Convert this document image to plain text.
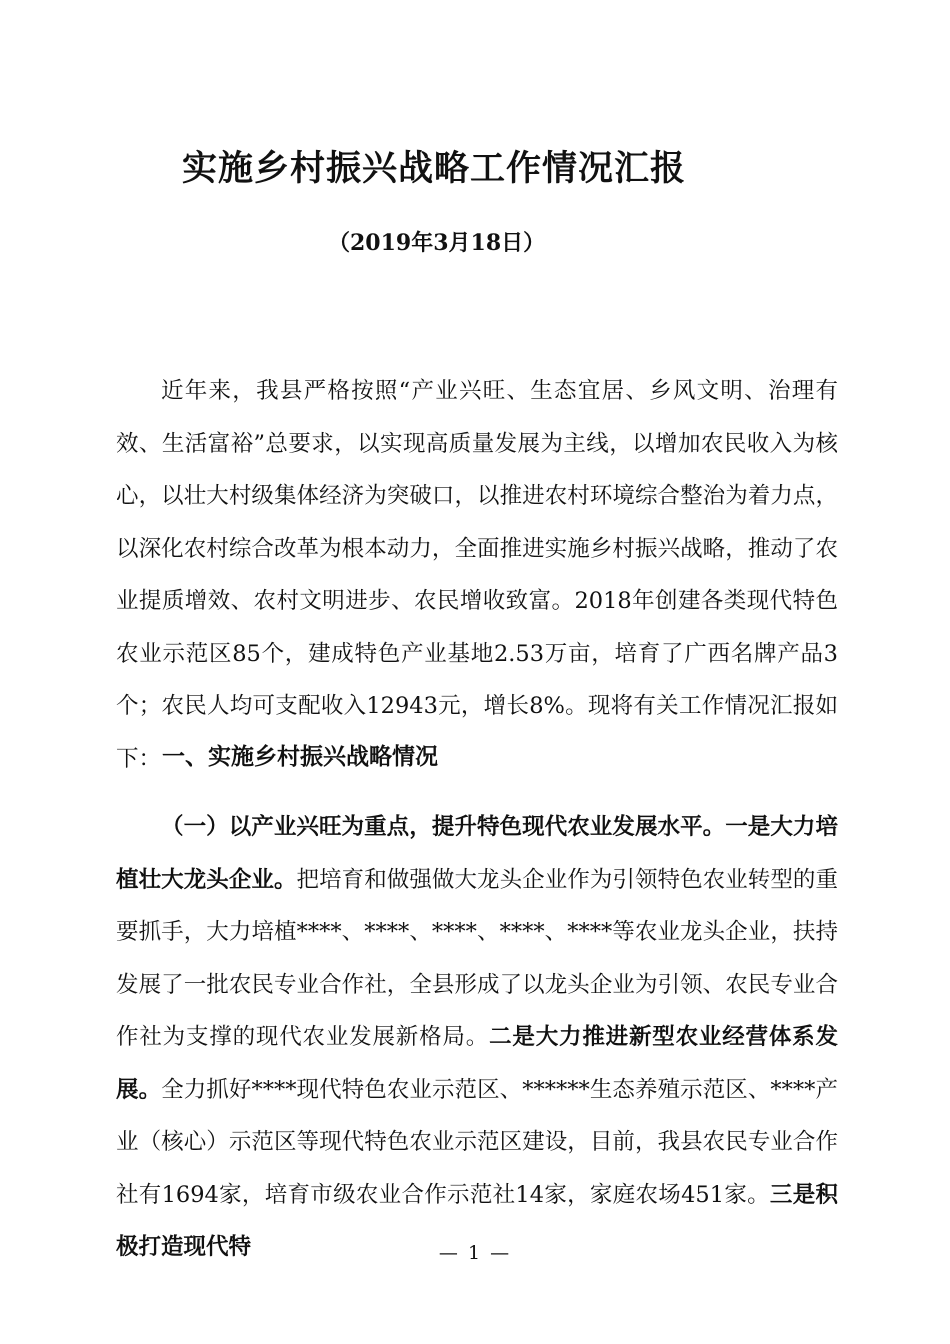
实施乡村振兴战略工作情况汇报
（2019年3月18日）

近年来，我县严格按照“产业兴旺、生态宜居、乡风文明、治理有效、生活富裕”总要求，以实现高质量发展为主线，以增加农民收入为核心，以壮大村级集体经济为突破口，以推进农村环境综合整治为着力点，以深化农村综合改革为根本动力，全面推进实施乡村振兴战略，推动了农业提质增效、农村文明进步、农民增收致富。2018年创建各类现代特色农业示范区85个，建成特色产业基地2.53万亩，培育了广西名牌产品3个；农民人均可支配收入12943元，增长8%。现将有关工作情况汇报如下： 一、实施乡村振兴战略情况

（一）以产业兴旺为重点，提升特色现代农业发展水平。一是大力培植壮大龙头企业。把培育和做强做大龙头企业作为引领特色农业转型的重要抓手，大力培植****、****、****、****、****等农业龙头企业，扶持发展了一批农民专业合作社，全县形成了以龙头企业为引领、农民专业合作社为支撑的现代农业发展新格局。二是大力推进新型农业经营体系发展。全力抓好****现代特色农业示范区、******生态养殖示范区、****产业（核心）示范区等现代特色农业示范区建设，目前，我县农民专业合作社有1694家，培育市级农业合作示范社14家，家庭农场451家。三是积极打造现代特	— 1 —
